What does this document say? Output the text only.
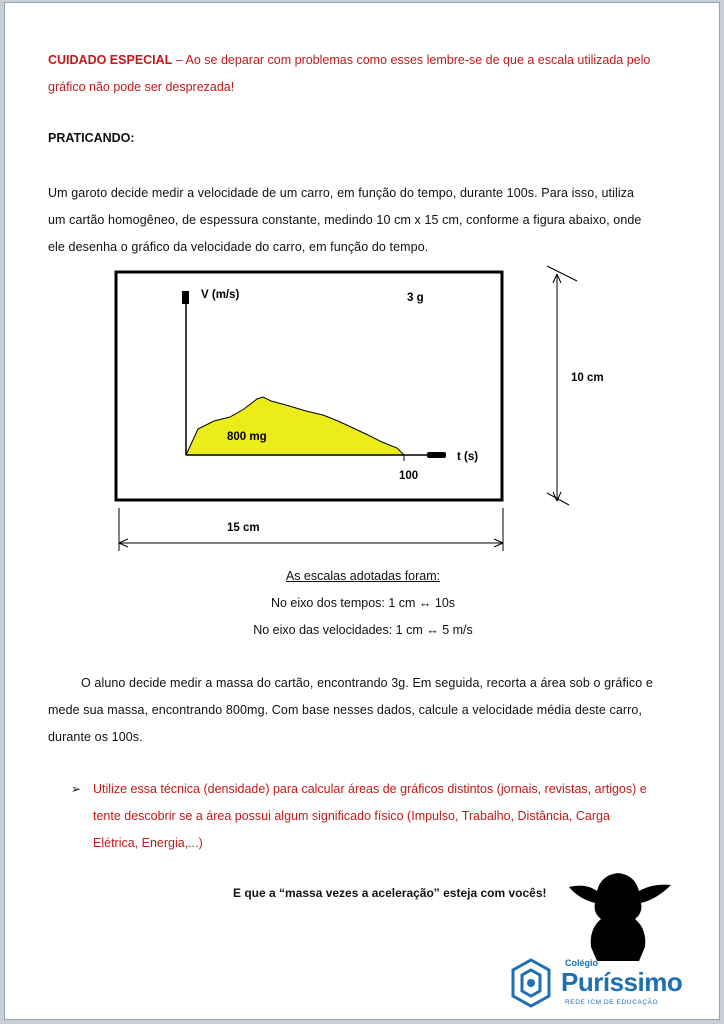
CUIDADO ESPECIAL – Ao se deparar com problemas como esses lembre-se de que a escala utilizada pelo
gráfico não pode ser desprezada!
PRATICANDO:
Um garoto decide medir a velocidade de um carro, em função do tempo, durante 100s. Para isso, utiliza
um cartão homogêneo, de espessura constante, medindo 10 cm x 15 cm, conforme a figura abaixo, onde
ele desenha o gráfico da velocidade do carro, em função do tempo.
V (m/s)	3 g
800 mg
t (s)
100
10 cm
15 cm
As escalas adotadas foram:
No eixo dos tempos: 1 cm ↔ 10s
No eixo das velocidades: 1 cm ↔ 5 m/s
O aluno decide medir a massa do cartão, encontrando 3g. Em seguida, recorta a área sob o gráfico e
mede sua massa, encontrando 800mg. Com base nesses dados, calcule a velocidade média deste carro,
durante os 100s.
➢ Utilize essa técnica (densidade) para calcular áreas de gráficos distintos (jornais, revistas, artigos) e
tente descobrir se a área possui algum significado físico (Impulso, Trabalho, Distância, Carga
Elétrica, Energia,...)
E que a “massa vezes a aceleração” esteja com vocês!
Colégio
Puríssimo
REDE ICM DE EDUCAÇÃO
